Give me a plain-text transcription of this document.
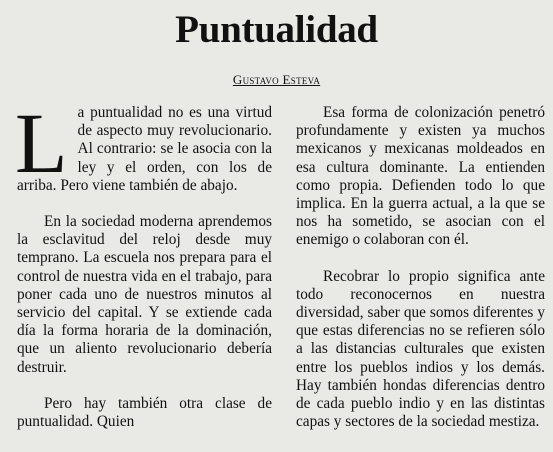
Puntualidad
Gustavo Esteva

La puntualidad no es una virtud de aspecto muy revolucionario. Al contrario: se le asocia con la ley y el orden, con los de arriba. Pero viene también de abajo.

En la sociedad moderna aprendemos la esclavitud del reloj desde muy temprano. La escuela nos prepara para el control de nuestra vida en el trabajo, para poner cada uno de nuestros minutos al servicio del capital. Y se extiende cada día la forma horaria de la dominación, que un aliento revolucionario debería destruir.

Pero hay también otra clase de puntualidad. Quien

Esa forma de colonización penetró profundamente y existen ya muchos mexicanos y mexicanas moldeados en esa cultura dominante. La entienden como propia. Defienden todo lo que implica. En la guerra actual, a la que se nos ha sometido, se asocian con el enemigo o colaboran con él.

Recobrar lo propio significa ante todo reconocernos en nuestra diversidad, saber que somos diferentes y que estas diferencias no se refieren sólo a las distancias culturales que existen entre los pueblos indios y los demás. Hay también hondas diferencias dentro de cada pueblo indio y en las distintas capas y sectores de la sociedad mestiza.
